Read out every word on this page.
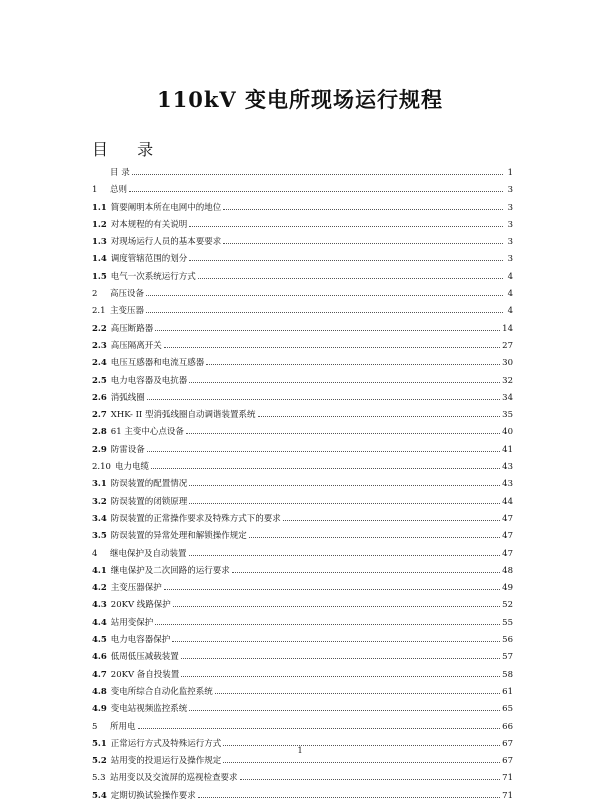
110kV 变电所现场运行规程
目 录
目 录	1
1	总则	3
1.1 简要阐明本所在电网中的地位	3
1.2 对本规程的有关说明	3
1.3 对现场运行人员的基本要要求	3
1.4 调度管辖范围的划分	3
1.5 电气一次系统运行方式	4
2	高压设备	4
2.1 主变压器	4
2.2 高压断路器	14
2.3 高压隔离开关	27
2.4 电压互感器和电流互感器	30
2.5 电力电容器及电抗器	32
2.6 消弧线圈	34
2.7 XHK- II 型消弧线圈自动调谐装置系统	35
2.8 61 主变中心点设备	40
2.9 防雷设备	41
2.10 电力电缆	43
3.1 防误装置的配置情况	43
3.2 防误装置的闭锁原理	44
3.4 防误装置的正常操作要求及特殊方式下的要求	47
3.5 防误装置的异常处理和解锁操作规定	47
4	继电保护及自动装置	47
4.1 继电保护及二次回路的运行要求	48
4.2 主变压器保护	49
4.3 20KV 线路保护	52
4.4 站用变保护	55
4.5 电力电容器保护	56
4.6 低周低压减载装置	57
4.7 20KV 备自投装置	58
4.8 变电所综合自动化监控系统	61
4.9 变电站视频监控系统	65
5	所用电	66
5.1 正常运行方式及特殊运行方式	67
5.2 站用变的投退运行及操作规定	67
5.3 站用变以及交流屏的巡视检查要求	71
5.4 定期切换试验操作要求	71
1
